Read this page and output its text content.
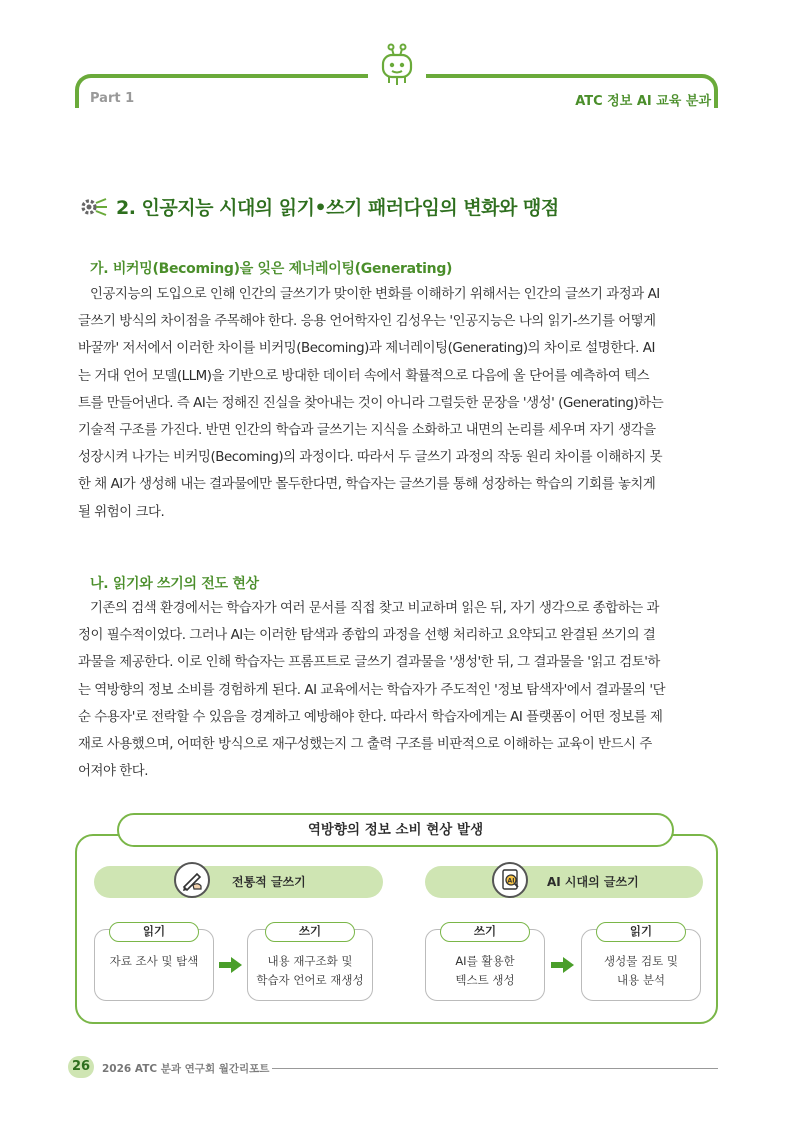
Part 1	ATC 정보 AI 교육 분과
2. 인공지능 시대의 읽기•쓰기 패러다임의 변화와 맹점
가. 비커밍(Becoming)을 잊은 제너레이팅(Generating)
인공지능의 도입으로 인해 인간의 글쓰기가 맞이한 변화를 이해하기 위해서는 인간의 글쓰기 과정과 AI
글쓰기 방식의 차이점을 주목해야 한다. 응용 언어학자인 김성우는 '인공지능은 나의 읽기-쓰기를 어떻게
바꿀까' 저서에서 이러한 차이를 비커밍(Becoming)과 제너레이팅(Generating)의 차이로 설명한다. AI
는 거대 언어 모델(LLM)을 기반으로 방대한 데이터 속에서 확률적으로 다음에 올 단어를 예측하여 텍스
트를 만들어낸다. 즉 AI는 정해진 진실을 찾아내는 것이 아니라 그럴듯한 문장을 '생성' (Generating)하는
기술적 구조를 가진다. 반면 인간의 학습과 글쓰기는 지식을 소화하고 내면의 논리를 세우며 자기 생각을
성장시켜 나가는 비커밍(Becoming)의 과정이다. 따라서 두 글쓰기 과정의 작동 원리 차이를 이해하지 못
한 채 AI가 생성해 내는 결과물에만 몰두한다면, 학습자는 글쓰기를 통해 성장하는 학습의 기회를 놓치게
될 위험이 크다.
나. 읽기와 쓰기의 전도 현상
기존의 검색 환경에서는 학습자가 여러 문서를 직접 찾고 비교하며 읽은 뒤, 자기 생각으로 종합하는 과
정이 필수적이었다. 그러나 AI는 이러한 탐색과 종합의 과정을 선행 처리하고 요약되고 완결된 쓰기의 결
과물을 제공한다. 이로 인해 학습자는 프롬프트로 글쓰기 결과물을 '생성'한 뒤, 그 결과물을 '읽고 검토'하
는 역방향의 정보 소비를 경험하게 된다. AI 교육에서는 학습자가 주도적인 '정보 탐색자'에서 결과물의 '단
순 수용자'로 전락할 수 있음을 경계하고 예방해야 한다. 따라서 학습자에게는 AI 플랫폼이 어떤 정보를 제
재로 사용했으며, 어떠한 방식으로 재구성했는지 그 출력 구조를 비판적으로 이해하는 교육이 반드시 주
어져야 한다.
역방향의 정보 소비 현상 발생
전통적 글쓰기	AI	AI 시대의 글쓰기
자료 조사 및 탐색
읽기
내용 재구조화 및
학습자 언어로 재생성
쓰기
AI를 활용한
텍스트 생성
쓰기
생성물 검토 및
내용 분석
읽기
26	2026 ATC 분과 연구회 월간리포트
